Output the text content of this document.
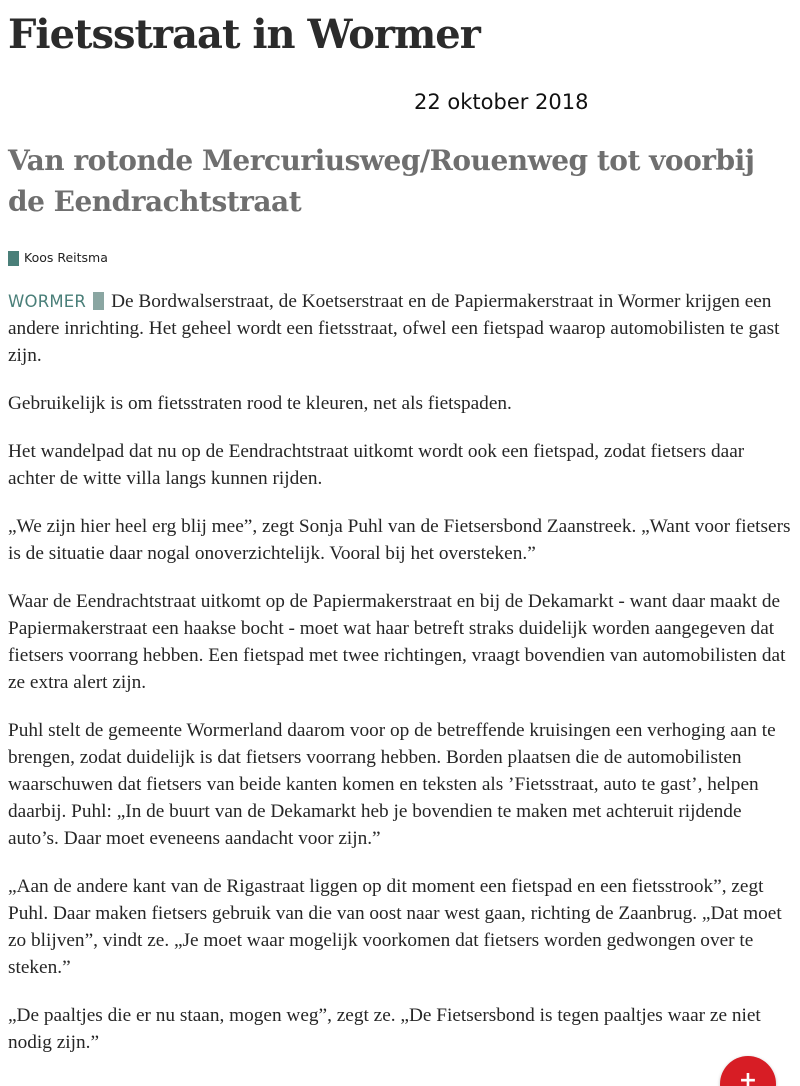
Fietsstraat in Wormer
22 oktober 2018
Van rotonde Mercuriusweg/Rouenweg tot voorbij de Eendrachtstraat
Koos Reitsma

WORMER De Bordwalserstraat, de Koetserstraat en de Papiermakerstraat in Wormer krijgen een andere inrichting. Het geheel wordt een fietsstraat, ofwel een fietspad waarop automobilisten te gast zijn.

Gebruikelijk is om fietsstraten rood te kleuren, net als fietspaden.

Het wandelpad dat nu op de Eendrachtstraat uitkomt wordt ook een fietspad, zodat fietsers daar achter de witte villa langs kunnen rijden.

„We zijn hier heel erg blij mee”, zegt Sonja Puhl van de Fietsersbond Zaanstreek. „Want voor fietsers is de situatie daar nogal onoverzichtelijk. Vooral bij het oversteken.”

Waar de Eendrachtstraat uitkomt op de Papiermakerstraat en bij de Dekamarkt - want daar maakt de Papiermakerstraat een haakse bocht - moet wat haar betreft straks duidelijk worden aangegeven dat fietsers voorrang hebben. Een fietspad met twee richtingen, vraagt bovendien van automobilisten dat ze extra alert zijn.

Puhl stelt de gemeente Wormerland daarom voor op de betreffende kruisingen een verhoging aan te brengen, zodat duidelijk is dat fietsers voorrang hebben. Borden plaatsen die de automobilisten waarschuwen dat fietsers van beide kanten komen en teksten als ’Fietsstraat, auto te gast’, helpen daarbij. Puhl: „In de buurt van de Dekamarkt heb je bovendien te maken met achteruit rijdende auto’s. Daar moet eveneens aandacht voor zijn.”

„Aan de andere kant van de Rigastraat liggen op dit moment een fietspad en een fietsstrook”, zegt Puhl. Daar maken fietsers gebruik van die van oost naar west gaan, richting de Zaanbrug. „Dat moet zo blijven”, vindt ze. „Je moet waar mogelijk voorkomen dat fietsers worden gedwongen over te steken.”

„De paaltjes die er nu staan, mogen weg”, zegt ze. „De Fietsersbond is tegen paaltjes waar ze niet nodig zijn.”

+
